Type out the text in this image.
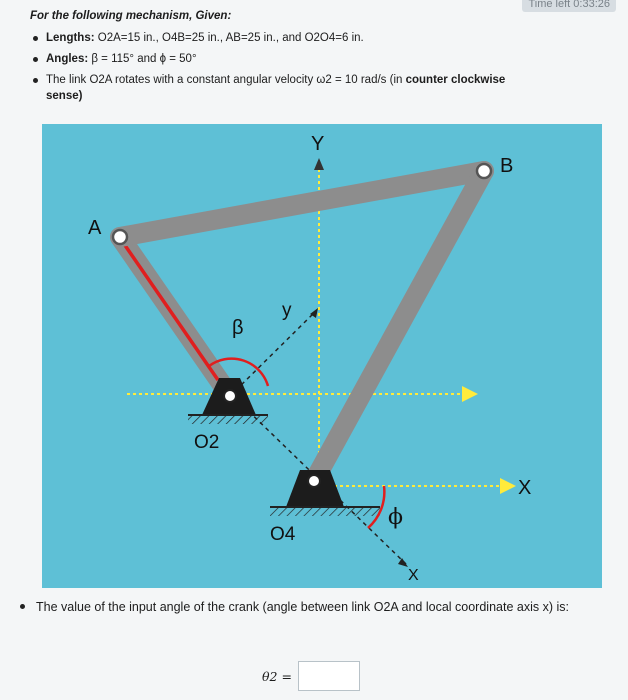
Time left 0:33:26
For the following mechanism, Given:
Lengths: O2A=15 in., O4B=25 in., AB=25 in., and O2O4=6 in.
Angles: β = 115° and ϕ = 50°
The link O2A rotates with a constant angular velocity ω2 = 10 rad/s (in counter clockwise
sense)
A
B
Y
y
β
O2
O4
X
X
ϕ
The value of the input angle of the crank (angle between link O2A and local coordinate axis x) is:
θ2 =
